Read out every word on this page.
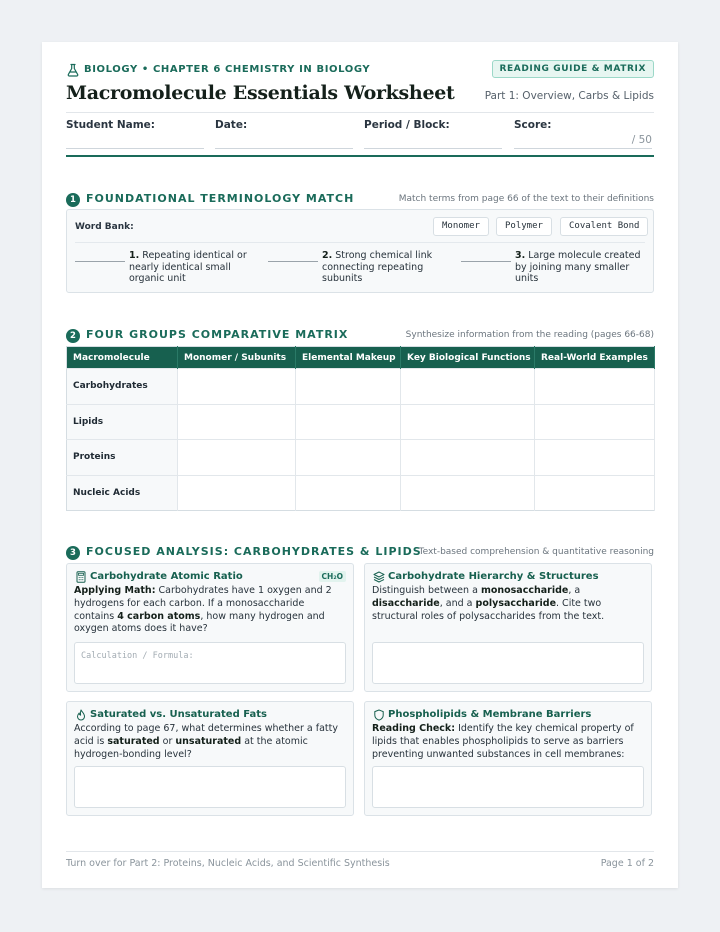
BIOLOGY • CHAPTER 6 CHEMISTRY IN BIOLOGY	READING GUIDE & MATRIX
Macromolecule Essentials Worksheet	Part 1: Overview, Carbs & Lipids
Student Name:	Date:	Period / Block:	Score:
/ 50
1 FOUNDATIONAL TERMINOLOGY MATCH	Match terms from page 66 of the text to their definitions
Word Bank:	Monomer	Polymer	Covalent Bond
1. Repeating identical or nearly identical small organic unit
2. Strong chemical link connecting repeating subunits
3. Large molecule created by joining many smaller units
2 FOUR GROUPS COMPARATIVE MATRIX	Synthesize information from the reading (pages 66-68)
Macromolecule	Monomer / Subunits	Elemental Makeup	Key Biological Functions	Real-World Examples
Carbohydrates				
Lipids				
Proteins				
Nucleic Acids				
3 FOCUSED ANALYSIS: CARBOHYDRATES & LIPIDS
Text-based comprehension & quantitative reasoning
Carbohydrate Atomic Ratio	CH₂O
Applying Math: Carbohydrates have 1 oxygen and 2 hydrogens for each carbon. If a monosaccharide contains 4 carbon atoms, how many hydrogen and oxygen atoms does it have?
Calculation / Formula:
Carbohydrate Hierarchy & Structures
Distinguish between a monosaccharide, a disaccharide, and a polysaccharide. Cite two structural roles of polysaccharides from the text.
Saturated vs. Unsaturated Fats
According to page 67, what determines whether a fatty acid is saturated or unsaturated at the atomic hydrogen-bonding level?
Phospholipids & Membrane Barriers
Reading Check: Identify the key chemical property of lipids that enables phospholipids to serve as barriers preventing unwanted substances in cell membranes:
Turn over for Part 2: Proteins, Nucleic Acids, and Scientific Synthesis	Page 1 of 2
